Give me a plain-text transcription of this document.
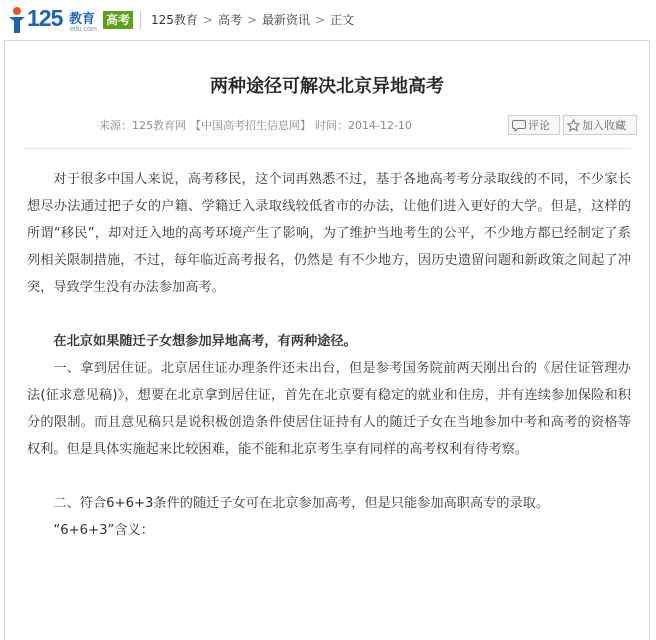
125 教育
edu.com
高考 125教育 > 高考 > 最新资讯 > 正文
两种途径可解决北京异地高考
来源：125教育网 【中国高考招生信息网】 时间：2014-12-10	评论	加入收藏

对于很多中国人来说，高考移民，这个词再熟悉不过，基于各地高考考分录取线的不同，不少家长想尽办法通过把子女的户籍、学籍迁入录取线较低省市的办法，让他们进入更好的大学。但是，这样的所谓“移民”，却对迁入地的高考环境产生了影响，为了维护当地考生的公平，不少地方都已经制定了系列相关限制措施，不过，每年临近高考报名，仍然是 有不少地方，因历史遗留问题和新政策之间起了冲突，导致学生没有办法参加高考。

在北京如果随迁子女想参加异地高考，有两种途径。

一、拿到居住证。北京居住证办理条件还未出台，但是参考国务院前两天刚出台的《居住证管理办法(征求意见稿)》，想要在北京拿到居住证，首先在北京要有稳定的就业和住房，并有连续参加保险和积分的限制。而且意见稿只是说积极创造条件使居住证持有人的随迁子女在当地参加中考和高考的资格等权利。但是具体实施起来比较困难，能不能和北京考生享有同样的高考权利有待考察。

二、符合6+6+3条件的随迁子女可在北京参加高考，但是只能参加高职高专的录取。

“6+6+3”含义：
